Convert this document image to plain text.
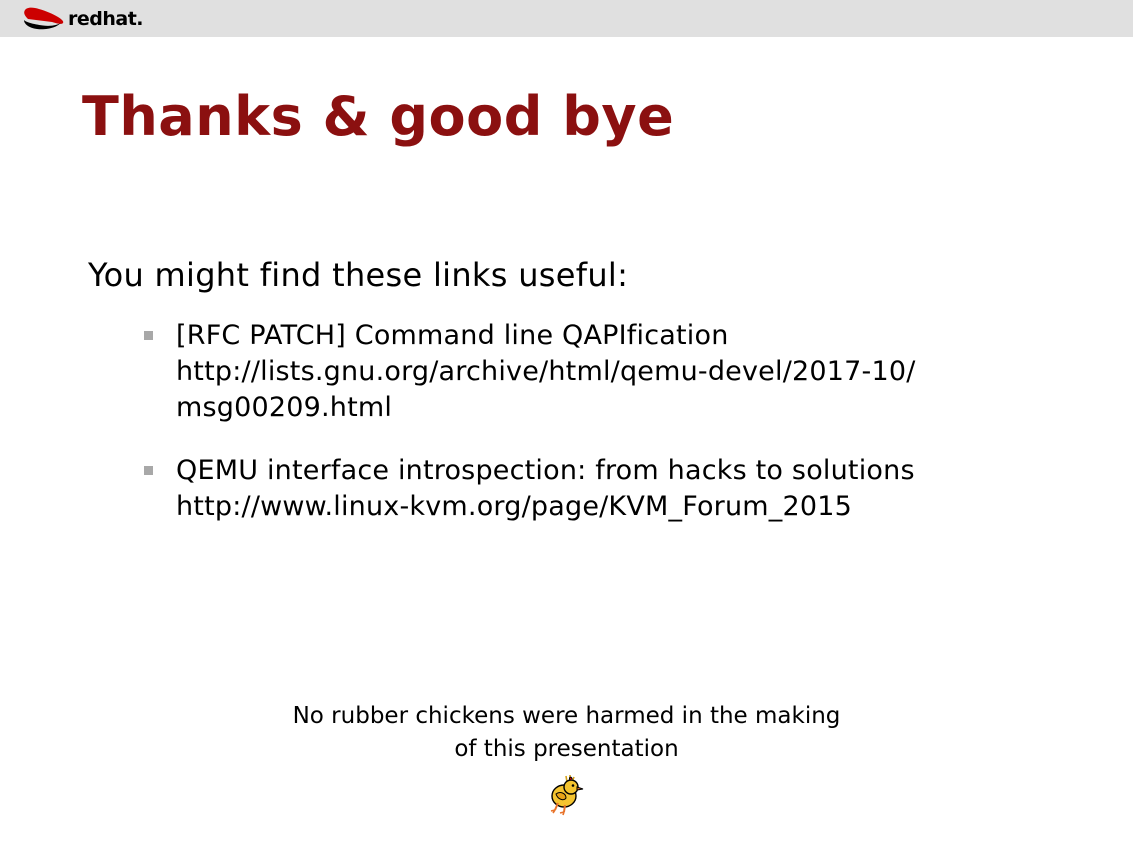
redhat.
Thanks & good bye
You might find these links useful:
[RFC PATCH] Command line QAPIfication
http://lists.gnu.org/archive/html/qemu-devel/2017-10/
msg00209.html
QEMU interface introspection: from hacks to solutions
http://www.linux-kvm.org/page/KVM_Forum_2015
No rubber chickens were harmed in the making
of this presentation
